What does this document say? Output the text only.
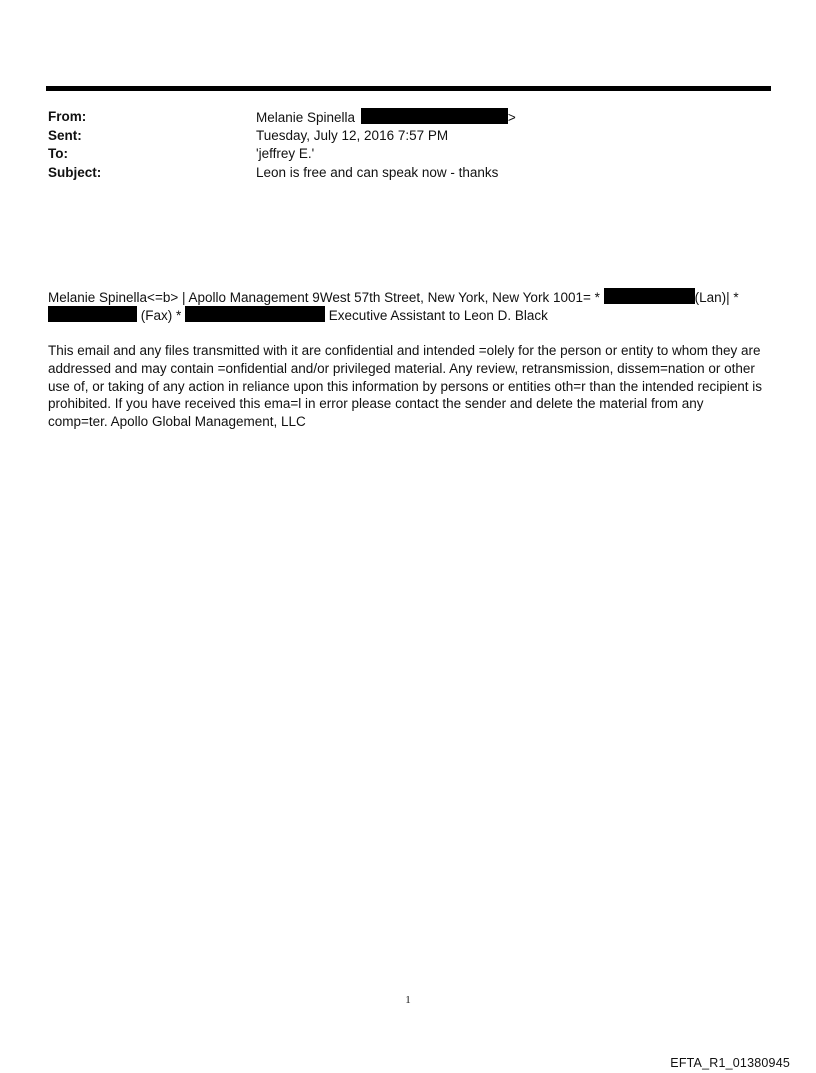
From:	Melanie Spinella	>
Sent:	Tuesday, July 12, 2016 7:57 PM
To:	'jeffrey E.'
Subject:	Leon is free and can speak now - thanks
Melanie Spinella<=b> | Apollo Management 9West 57th Street, New York, New York 1001= *	(Lan)| *
(Fax) *	Executive Assistant to Leon D. Black
This email and any files transmitted with it are confidential and intended =olely for the person or entity to whom they are addressed and may contain =onfidential and/or privileged material. Any review, retransmission, dissem=nation or other use of, or taking of any action in reliance upon this information by persons or entities oth=r than the intended recipient is prohibited. If you have received this ema=l in error please contact the sender and delete the material from any comp=ter. Apollo Global Management, LLC
1
EFTA_R1_01380945
